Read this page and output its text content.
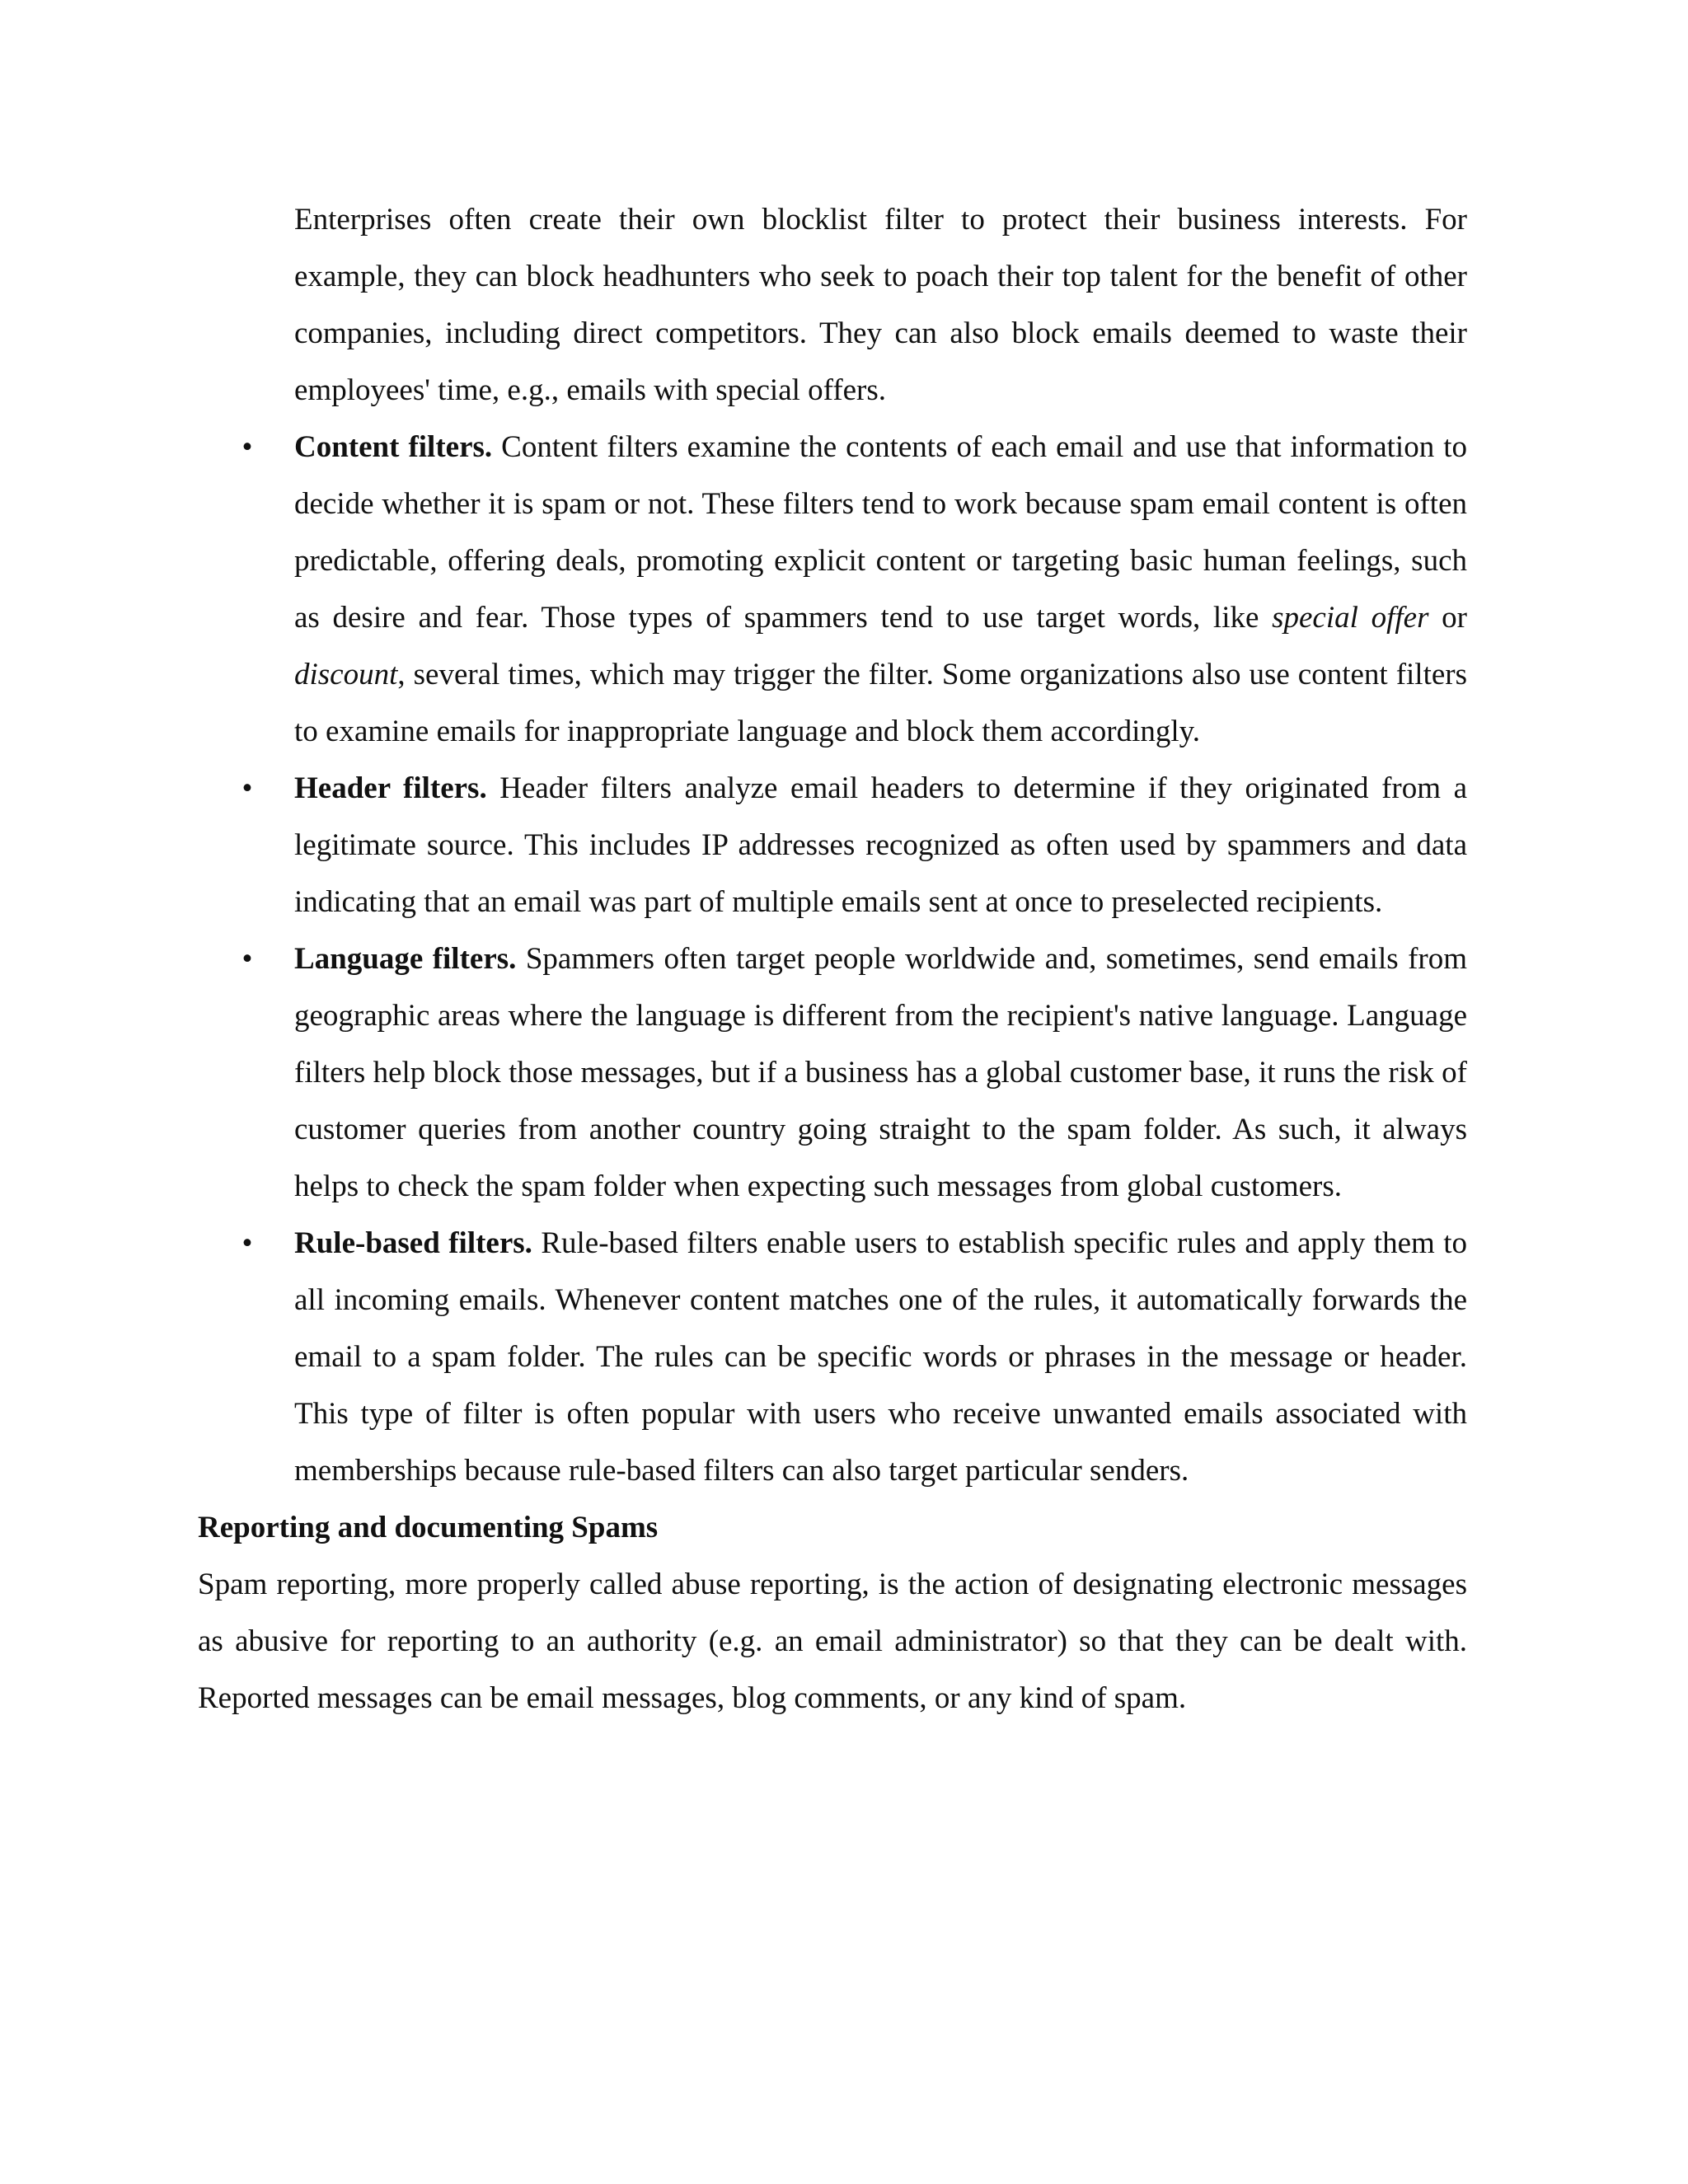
Enterprises often create their own blocklist filter to protect their business interests. For example, they can block headhunters who seek to poach their top talent for the benefit of other companies, including direct competitors. They can also block emails deemed to waste their employees' time, e.g., emails with special offers.

• Content filters. Content filters examine the contents of each email and use that information to decide whether it is spam or not. These filters tend to work because spam email content is often predictable, offering deals, promoting explicit content or targeting basic human feelings, such as desire and fear. Those types of spammers tend to use target words, like special offer or discount, several times, which may trigger the filter. Some organizations also use content filters to examine emails for inappropriate language and block them accordingly.
• Header filters. Header filters analyze email headers to determine if they originated from a legitimate source. This includes IP addresses recognized as often used by spammers and data indicating that an email was part of multiple emails sent at once to preselected recipients.
• Language filters. Spammers often target people worldwide and, sometimes, send emails from geographic areas where the language is different from the recipient's native language. Language filters help block those messages, but if a business has a global customer base, it runs the risk of customer queries from another country going straight to the spam folder. As such, it always helps to check the spam folder when expecting such messages from global customers.
• Rule-based filters. Rule-based filters enable users to establish specific rules and apply them to all incoming emails. Whenever content matches one of the rules, it automatically forwards the email to a spam folder. The rules can be specific words or phrases in the message or header. This type of filter is often popular with users who receive unwanted emails associated with memberships because rule-based filters can also target particular senders.
Reporting and documenting Spams

Spam reporting, more properly called abuse reporting, is the action of designating electronic messages as abusive for reporting to an authority (e.g. an email administrator) so that they can be dealt with. Reported messages can be email messages, blog comments, or any kind of spam.
